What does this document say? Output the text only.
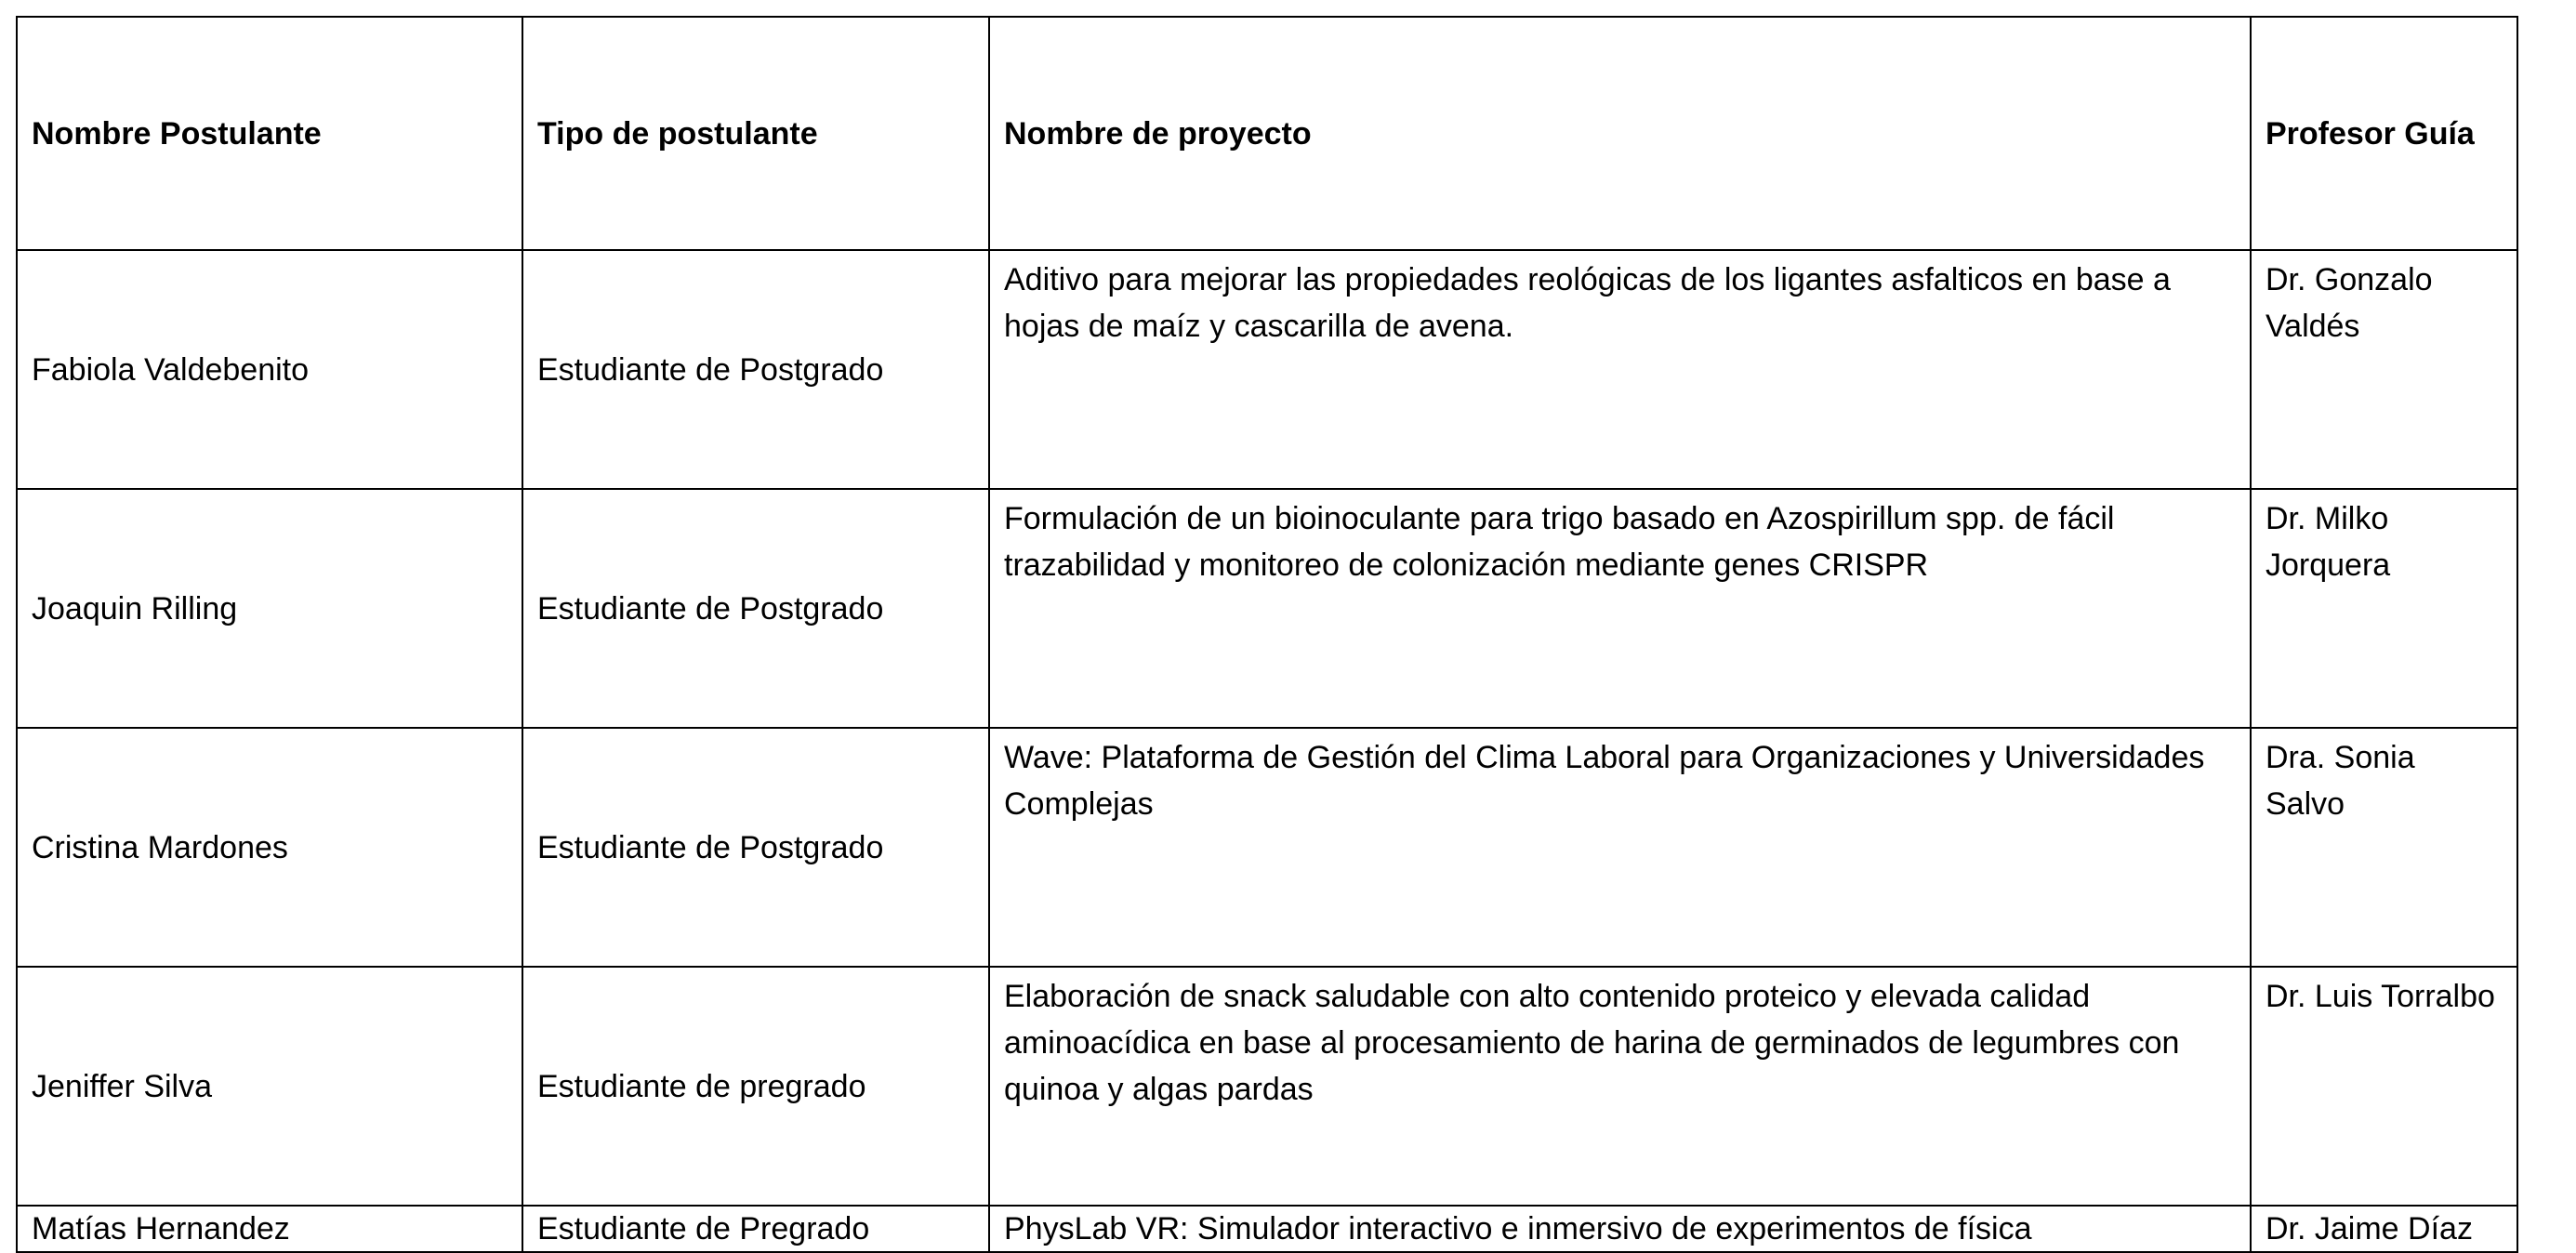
Nombre Postulante	Tipo de postulante	Nombre de proyecto	Profesor Guía
Fabiola Valdebenito	Estudiante de Postgrado	Aditivo para mejorar las propiedades reológicas de los ligantes asfalticos en base a hojas de maíz y cascarilla de avena.	Dr. Gonzalo Valdés
Joaquin Rilling	Estudiante de Postgrado	Formulación de un bioinoculante para trigo basado en Azospirillum spp. de fácil trazabilidad y monitoreo de colonización mediante genes CRISPR	Dr. Milko Jorquera
Cristina Mardones	Estudiante de Postgrado	Wave: Plataforma de Gestión del Clima Laboral para Organizaciones y Universidades Complejas	Dra. Sonia Salvo
Jeniffer Silva	Estudiante de pregrado	Elaboración de snack saludable con alto contenido proteico y elevada calidad aminoacídica en base al procesamiento de harina de germinados de legumbres con quinoa y algas pardas	Dr. Luis Torralbo
Matías Hernandez	Estudiante de Pregrado	PhysLab VR: Simulador interactivo e inmersivo de experimentos de física	Dr. Jaime Díaz
